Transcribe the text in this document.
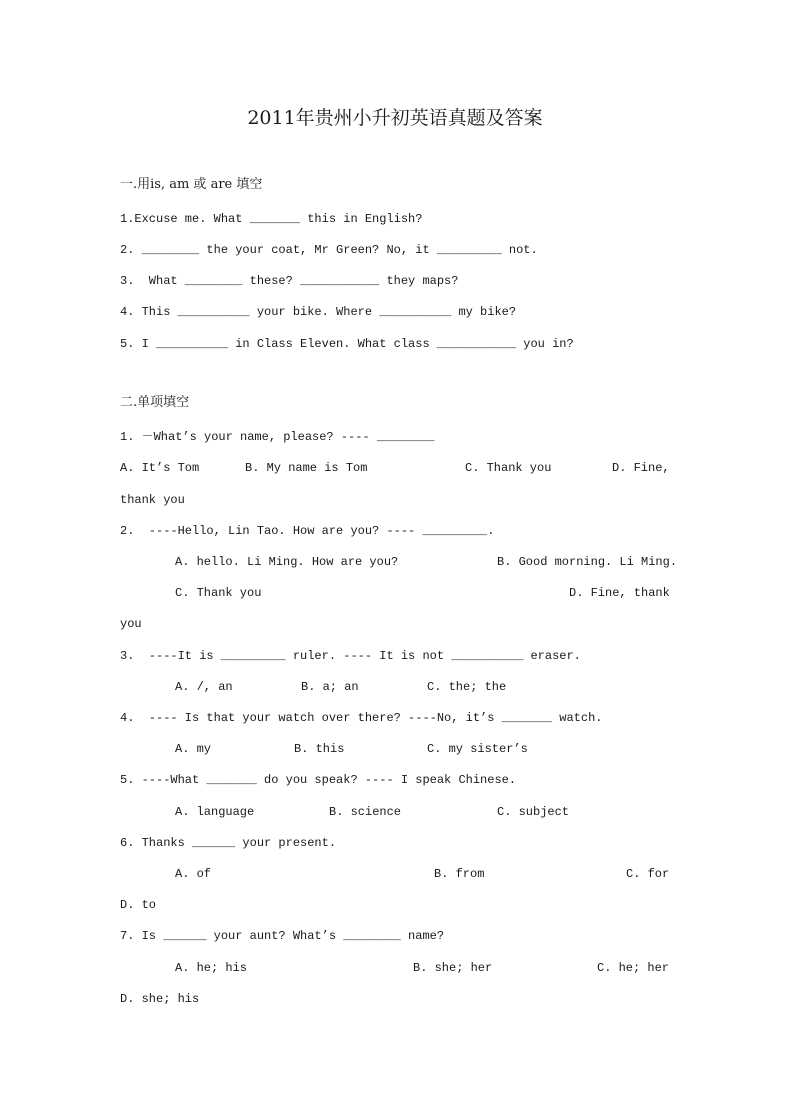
2011年贵州小升初英语真题及答案
一.用is, am 或 are 填空
1.Excuse me. What _______ this in English?
2. ________ the your coat, Mr Green? No, it _________ not.
3.  What ________ these? ___________ they maps?
4. This __________ your bike. Where __________ my bike?
5. I __________ in Class Eleven. What class ___________ you in?
二.单项填空
1. －What’s your name, please? ---- ________
A. It’s Tom	B. My name is Tom	C. Thank you	D. Fine,
thank you
2.  ----Hello, Lin Tao. How are you? ---- _________.
A. hello. Li Ming. How are you?	B. Good morning. Li Ming.
C. Thank you	D. Fine, thank
you
3.  ----It is _________ ruler. ---- It is not __________ eraser.
A. /, an	B. a; an	C. the; the
4.  ---- Is that your watch over there? ----No, it’s _______ watch.
A. my	B. this	C. my sister’s
5. ----What _______ do you speak? ---- I speak Chinese.
A. language	B. science	C. subject
6. Thanks ______ your present.
A. of	B. from	C. for
D. to
7. Is ______ your aunt? What’s ________ name?
A. he; his	B. she; her	C. he; her
D. she; his
